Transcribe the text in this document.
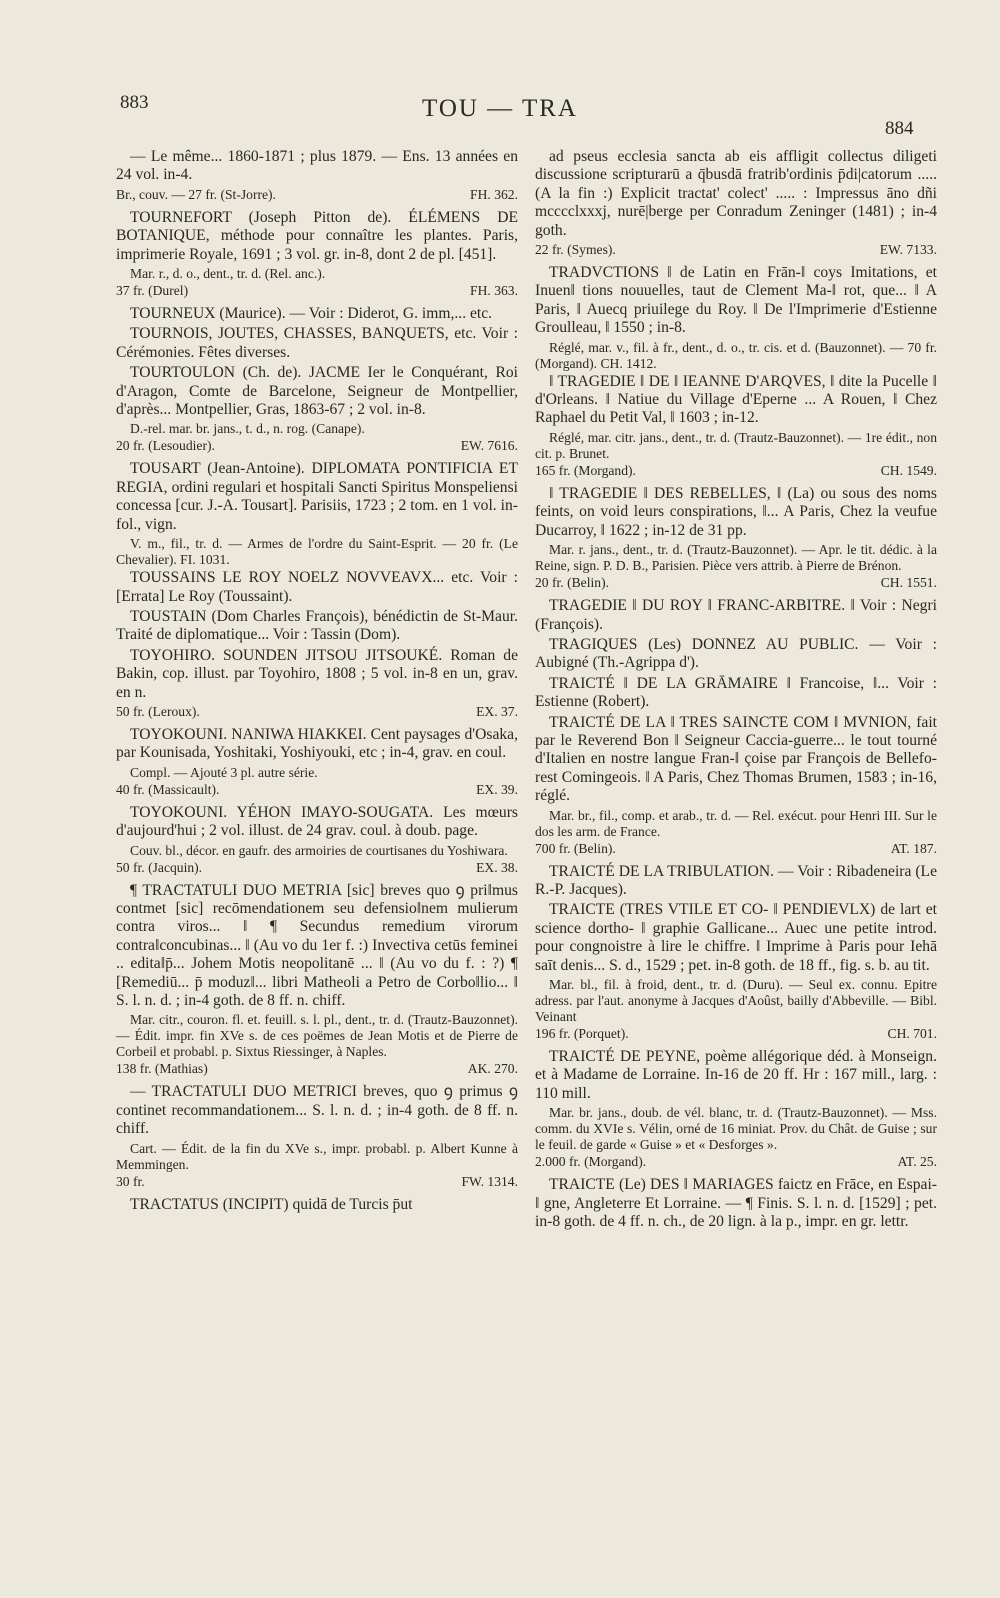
883	TOU — TRA
884
— Le même... 1860-1871 ; plus 1879. — Ens. 13 années en 24 vol. in-4.
Br., couv. — 27 fr. (St-Jorre).	FH. 362.
TOURNEFORT (Joseph Pitton de). ÉLÉMENS DE BOTANIQUE, méthode pour connaître les plantes. Paris, imprimerie Royale, 1691 ; 3 vol. gr. in-8, dont 2 de pl. [451].
Mar. r., d. o., dent., tr. d. (Rel. anc.).
37 fr. (Durel)	FH. 363.
TOURNEUX (Maurice). — Voir : Diderot, G. imm,... etc.
TOURNOIS, JOUTES, CHASSES, BANQUETS, etc. Voir : Cérémonies. Fêtes diverses.
TOURTOULON (Ch. de). JACME Ier le Conquérant, Roi d'Aragon, Comte de Barcelone, Seigneur de Montpellier, d'après... Montpellier, Gras, 1863-67 ; 2 vol. in-8.
D.-rel. mar. br. jans., t. d., n. rog. (Canape).
20 fr. (Lesoudier).	EW. 7616.
TOUSART (Jean-Antoine). DIPLOMATA PONTIFICIA ET REGIA, ordini regulari et hospitali Sancti Spiritus Monspeliensi concessa [cur. J.-A. Tousart]. Parisiis, 1723 ; 2 tom. en 1 vol. in-fol., vign.
V. m., fil., tr. d. — Armes de l'ordre du Saint-Esprit. — 20 fr. (Le Chevalier). FI. 1031.
TOUSSAINS LE ROY NOELZ NOVVEAVX... etc. Voir : [Errata] Le Roy (Toussaint).
TOUSTAIN (Dom Charles François), bénédictin de St-Maur. Traité de diplomatique... Voir : Tassin (Dom).
TOYOHIRO. SOUNDEN JITSOU JITSOUKÉ. Roman de Bakin, cop. illust. par Toyohiro, 1808 ; 5 vol. in-8 en un, grav. en n.
50 fr. (Leroux).	EX. 37.
TOYOKOUNI. NANIWA HIAKKEI. Cent paysages d'Osaka, par Kounisada, Yoshitaki, Yoshiyouki, etc ; in-4, grav. en coul.
Compl. — Ajouté 3 pl. autre série.
40 fr. (Massicault).	EX. 39.
TOYOKOUNI. YÉHON IMAYO-SOUGATA. Les mœurs d'aujourd'hui ; 2 vol. illust. de 24 grav. coul. à doub. page.
Couv. bl., décor. en gaufr. des armoiries de courtisanes du Yoshiwara.
50 fr. (Jacquin).	EX. 38.
¶ TRACTATULI DUO METRIA [sic] breves quo ꝯ pri‖mus contmet [sic] recōmendationem seu defensio‖nem mulierum contra viros... ‖ ¶ Secundus remedium virorum contra‖concubinas... ‖ (Au vo du 1er f. :) Invectiva cetūs feminei .. edita‖p̄... Johem Motis neopolitanē ... ‖ (Au vo du f. : ?) ¶ [Remediū... p̄ moduz‖... libri Matheoli a Petro de Corbo‖lio... ‖ S. l. n. d. ; in-4 goth. de 8 ff. n. chiff.
Mar. citr., couron. fl. et. feuill. s. l. pl., dent., tr. d. (Trautz-Bauzonnet). — Édit. impr. fin XVe s. de ces poëmes de Jean Motis et de Pierre de Corbeil et probabl. p. Sixtus Riessinger, à Naples.
138 fr. (Mathias)	AK. 270.
— TRACTATULI DUO METRICI breves, quo ꝯ primus ꝯ continet recommandationem... S. l. n. d. ; in-4 goth. de 8 ff. n. chiff.
Cart. — Édit. de la fin du XVe s., impr. probabl. p. Albert Kunne à Memmingen.
30 fr.	FW. 1314.
TRACTATUS (INCIPIT) quidā de Turcis p̄ut
ad pseus ecclesia sancta ab eis affligit collectus diligeti discussione scripturarū a q̄busdā fratrib'ordinis p̄di|catorum ..... (A la fin :) Explicit tractat' colect' ..... : Impressus āno dñi mcccclxxxj, nurē|berge per Conradum Zeninger (1481) ; in-4 goth.
22 fr. (Symes).	EW. 7133.
TRADVCTIONS ‖ de Latin en Frān-‖ coys Imitations, et Inuen‖ tions nouuelles, taut de Clement Ma-‖ rot, que... ‖ A Paris, ‖ Auecq priuilege du Roy. ‖ De l'Imprimerie d'Estienne Groulleau, ‖ 1550 ; in-8.
Réglé, mar. v., fil. à fr., dent., d. o., tr. cis. et d. (Bauzonnet). — 70 fr. (Morgand). CH. 1412.
‖ TRAGEDIE ‖ DE ‖ IEANNE D'ARQVES, ‖ dite la Pucelle ‖ d'Orleans. ‖ Natiue du Village d'Eperne ... A Rouen, ‖ Chez Raphael du Petit Val, ‖ 1603 ; in-12.
Réglé, mar. citr. jans., dent., tr. d. (Trautz-Bauzonnet). — 1re édit., non cit. p. Brunet.
165 fr. (Morgand).	CH. 1549.
‖ TRAGEDIE ‖ DES REBELLES, ‖ (La) ou sous des noms feints, on void leurs conspirations, ‖... A Paris, Chez la veufue Ducarroy, ‖ 1622 ; in-12 de 31 pp.
Mar. r. jans., dent., tr. d. (Trautz-Bauzonnet). — Apr. le tit. dédic. à la Reine, sign. P. D. B., Parisien. Pièce vers attrib. à Pierre de Brénon.
20 fr. (Belin).	CH. 1551.
TRAGEDIE ‖ DU ROY ‖ FRANC-ARBITRE. ‖ Voir : Negri (François).
TRAGIQUES (Les) DONNEZ AU PUBLIC. — Voir : Aubigné (Th.-Agrippa d').
TRAICTÉ ‖ DE LA GRĀMAIRE ‖ Francoise, ‖... Voir : Estienne (Robert).
TRAICTÉ DE LA ‖ TRES SAINCTE COM ‖ MVNION, fait par le Reverend Bon ‖ Seigneur Caccia-guerre... le tout tourné d'Italien en nostre langue Fran-‖ çoise par François de Bellefo-rest Comingeois. ‖ A Paris, Chez Thomas Brumen, 1583 ; in-16, réglé.
Mar. br., fil., comp. et arab., tr. d. — Rel. exécut. pour Henri III. Sur le dos les arm. de France.
700 fr. (Belin).	AT. 187.
TRAICTÉ DE LA TRIBULATION. — Voir : Ribadeneira (Le R.-P. Jacques).
TRAICTE (TRES VTILE ET CO- ‖ PENDIEVLX) de lart et science dortho- ‖ graphie Gallicane... Auec une petite introd. pour congnoistre à lire le chiffre. ‖ Imprime à Paris pour Iehā saīt denis... S. d., 1529 ; pet. in-8 goth. de 18 ff., fig. s. b. au tit.
Mar. bl., fil. à froid, dent., tr. d. (Duru). — Seul ex. connu. Epitre adress. par l'aut. anonyme à Jacques d'Aoûst, bailly d'Abbeville. — Bibl. Veinant
196 fr. (Porquet).	CH. 701.
TRAICTÉ DE PEYNE, poème allégorique déd. à Monseign. et à Madame de Lorraine. In-16 de 20 ff. Hr : 167 mill., larg. : 110 mill.
Mar. br. jans., doub. de vél. blanc, tr. d. (Trautz-Bauzonnet). — Mss. comm. du XVIe s. Vélin, orné de 16 miniat. Prov. du Chât. de Guise ; sur le feuil. de garde « Guise » et « Desforges ».
2.000 fr. (Morgand).	AT. 25.
TRAICTE (Le) DES ‖ MARIAGES faictz en Frāce, en Espai-‖ gne, Angleterre Et Lorraine. — ¶ Finis. S. l. n. d. [1529] ; pet. in-8 goth. de 4 ff. n. ch., de 20 lign. à la p., impr. en gr. lettr.
